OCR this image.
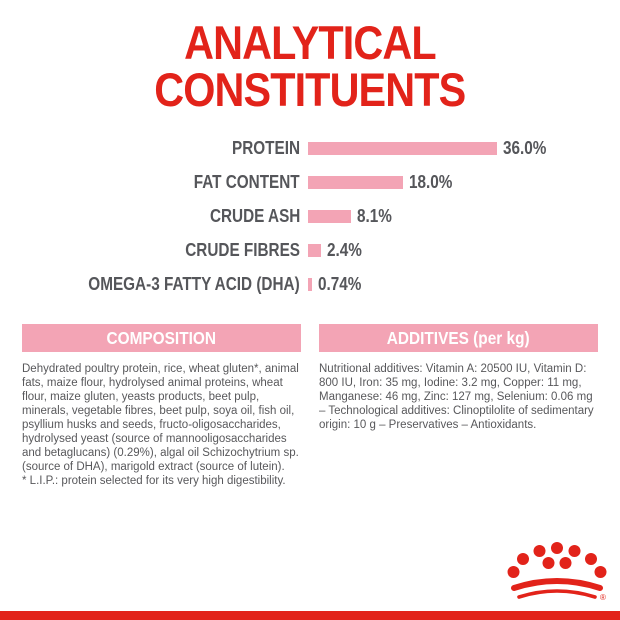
ANALYTICAL
CONSTITUENTS
PROTEIN	36.0%
FAT CONTENT	18.0%
CRUDE ASH	8.1%
CRUDE FIBRES 2.4%
OMEGA-3 FATTY ACID (DHA) 0.74%
COMPOSITION
Dehydrated poultry protein, rice, wheat gluten*, animal fats, maize flour, hydrolysed animal proteins, wheat flour, maize gluten, yeasts products, beet pulp, minerals, vegetable fibres, beet pulp, soya oil, fish oil, psyllium husks and seeds, fructo-oligosaccharides, hydrolysed yeast (source of mannooligosaccharides and betaglucans) (0.29%), algal oil Schizochytrium sp. (source of DHA), marigold extract (source of lutein).
* L.I.P.: protein selected for its very high digestibility.
ADDITIVES (per kg)
Nutritional additives: Vitamin A: 20500 IU, Vitamin D: 800 IU, Iron: 35 mg, Iodine: 3.2 mg, Copper: 11 mg, Manganese: 46 mg, Zinc: 127 mg, Selenium: 0.06 mg – Technological additives: Clinoptilolite of sedimentary origin: 10 g – Preservatives – Antioxidants.
®
